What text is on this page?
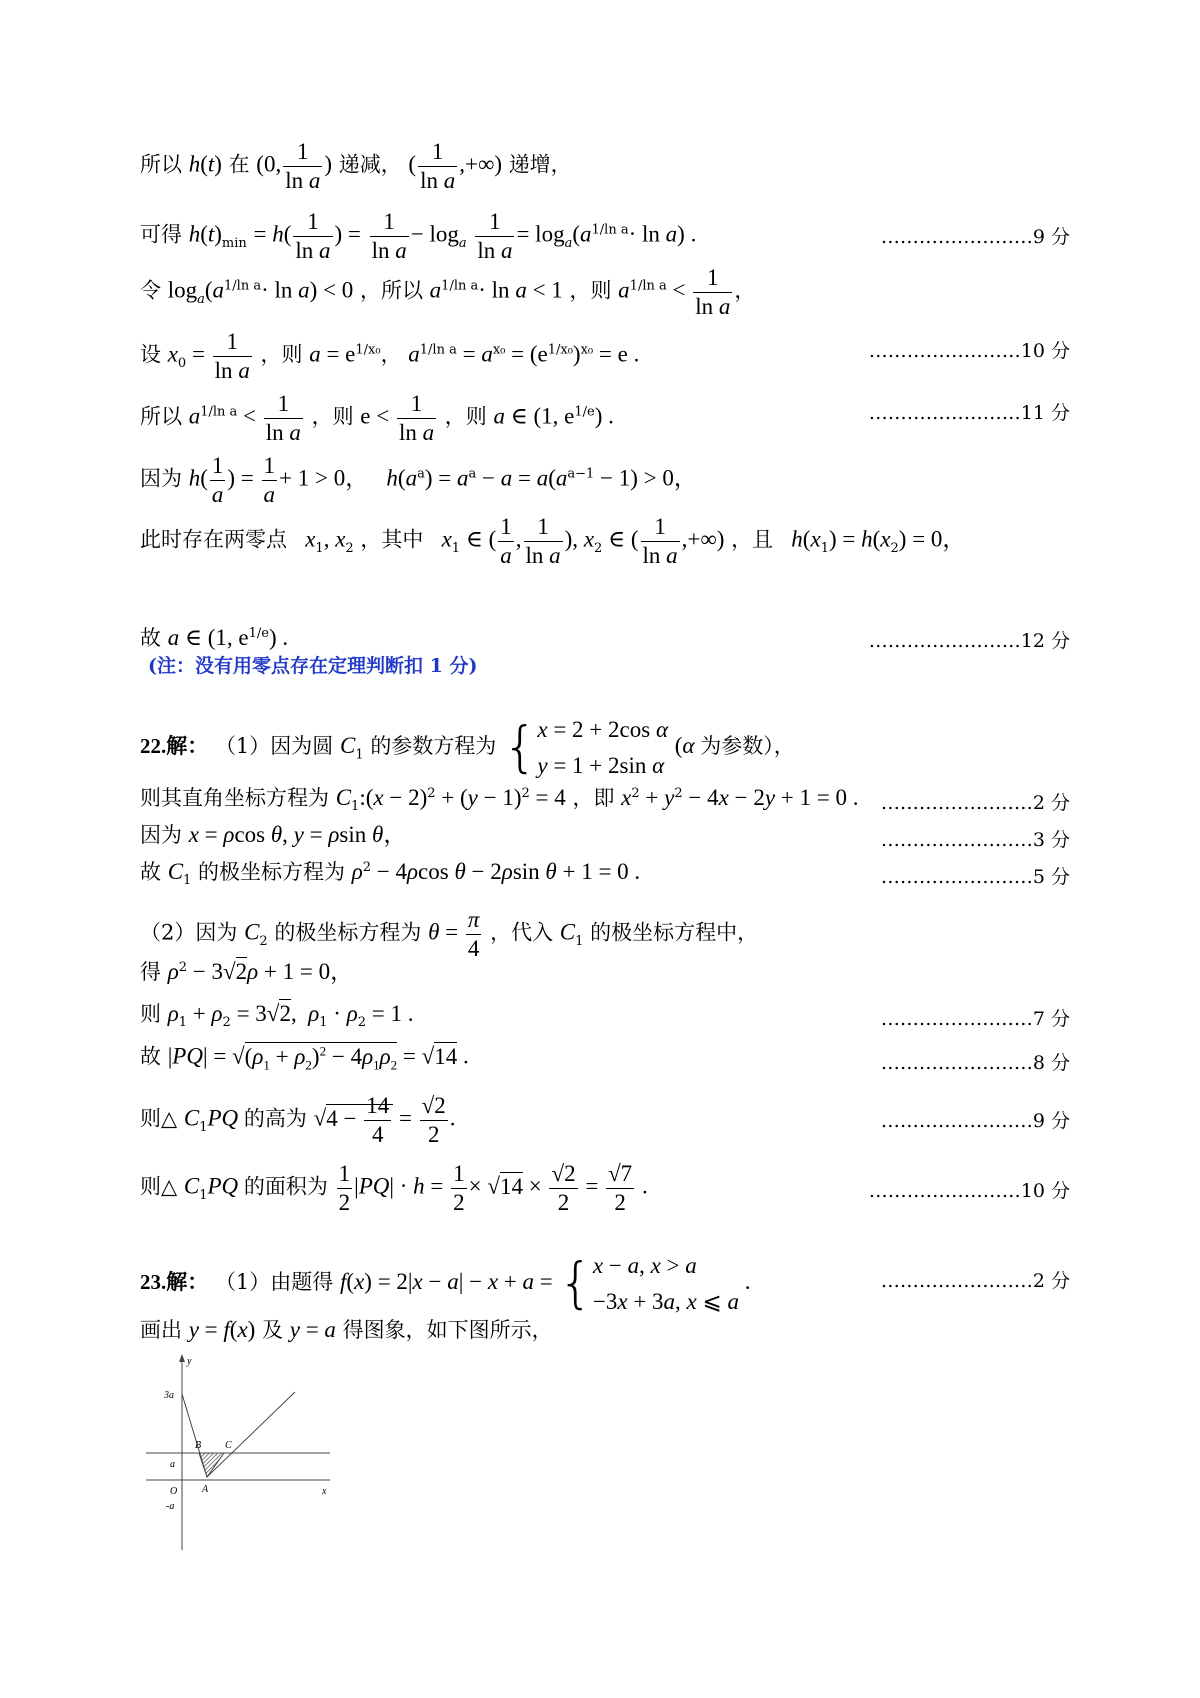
所以 h(t) 在 (0, $\frac{1}{\text{ln a}}$ ) 递减， ( $\frac{1}{\text{ln a}}$ ,+∞) 递增，
可得 $h(t)_{min} = h( \frac{1}{\text{ln a}}$ ) = $\frac{1}{\text{ln a}} - \log_a \frac{1}{\text{ln a}} = \log_a(a^{1/ln a}\cdot \ln a)$ .	……………………9 分
令 $\log_a(a^{1/ln a}\cdot \ln a) < 0$ ，所以 $a^{1/ln a}\cdot \ln a < 1$ ，则 $a^{1/ln a} < \frac{1}{\text{ln a}}$ ，
设 $x_0 = \frac{1}{\text{ln a}}$ ，则 $a = e^{1/x_0}$， $a^{1/ln a} = a^{x_0} = (e^{1/x_0})^{x_0} = e$ .	……………………10 分
所以 $a^{1/ln a} < \frac{1}{\text{ln a}}$ ，则 $e < \frac{1}{\text{ln a}}$ ，则 a ∈ (1, $e^{1/e}$) .	……………………11 分
因为 $h( \frac{1}{a}$ ) = $\frac{1}{a} + 1 > 0$， $h(a^a) = a^a - a = a(a^{a-1} - 1) > 0$，
此时存在两零点 $x_1$, $x_2$ ，其中 $x_1$ ∈ ( $\frac{1}{a}$ , $\frac{1}{\text{ln a}}$ ), $x_2$ ∈ ( $\frac{1}{\text{ln a}}$ ,+∞) ，且 $h(x_1) = h(x_2) = 0$，
故 a ∈ (1, $e^{1/e}$) .	……………………12 分
(注：没有用零点存在定理判断扣 1 分)
22.解： （1）因为圆 $C_1$ 的参数方程为 { x = 2 + 2cos α
y = 1 + 2sin α
(α 为参数），
则其直角坐标方程为 $C_1:(x - 2)^2 + (y - 1)^2 = 4$ ，即 $x^2 + y^2 - 4x - 2y + 1 = 0$ . ……………………2 分
因为 x = ρcos θ, y = ρsin θ，	……………………3 分
故 $C_1$ 的极坐标方程为 $\rho^2 - 4\rho\cos$ θ − 2ρsin θ + 1 = 0 .	……………………5 分
（2）因为 $C_2$ 的极坐标方程为 $\theta = \frac{\pi}{4}$ ，代入 $C_1$ 的极坐标方程中，
得 $\rho^2 - 3√2\rho + 1 = 0$，
则 $\rho_1 + \rho_2 = 3√2$,  $\rho_1 \cdot \rho_2 = 1$ .	……………………7 分
故 $|PQ| = √(\rho_1 + \rho_2)^2 - 4\rho_1\rho_2 = √14$ .	……………………8 分
则△ $C_1PQ$ 的高为 $√4 - \frac{14}{4} = \frac{√2}{2}$ .	……………………9 分
则△ $C_1PQ$ 的面积为 $\frac{1}{2} |PQ| \cdot h = \frac{1}{2} \times √14 \times \frac{√2}{2} = \frac{√7}{2}$ .	……………………10 分
23.解： （1）由题得 f(x) = 2|x − a| − x + a = { x − a, x > a
−3x + 3a, x ⩽ a
.	……………………2 分
画出 y = f(x) 及 y = a 得图象，如下图所示，
y
3a
B C
a
O A	x
-a
